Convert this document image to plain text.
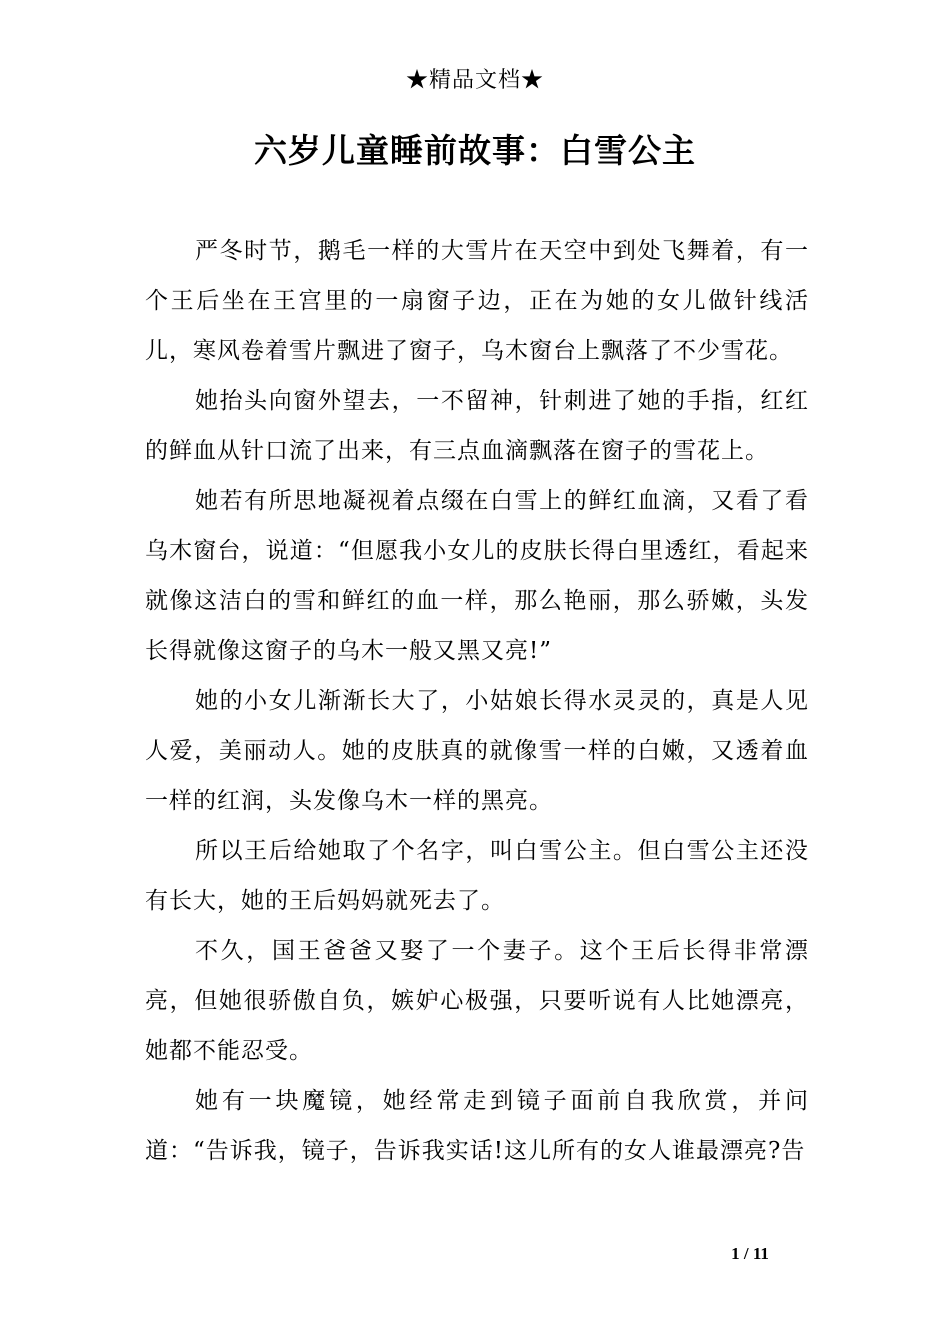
★精品文档★
六岁儿童睡前故事：白雪公主

严冬时节，鹅毛一样的大雪片在天空中到处飞舞着，有一个王后坐在王宫里的一扇窗子边，正在为她的女儿做针线活儿，寒风卷着雪片飘进了窗子，乌木窗台上飘落了不少雪花。

她抬头向窗外望去，一不留神，针刺进了她的手指，红红的鲜血从针口流了出来，有三点血滴飘落在窗子的雪花上。

她若有所思地凝视着点缀在白雪上的鲜红血滴，又看了看乌木窗台，说道：“但愿我小女儿的皮肤长得白里透红，看起来就像这洁白的雪和鲜红的血一样，那么艳丽，那么骄嫩，头发长得就像这窗子的乌木一般又黑又亮!”

她的小女儿渐渐长大了，小姑娘长得水灵灵的，真是人见人爱，美丽动人。她的皮肤真的就像雪一样的白嫩，又透着血一样的红润，头发像乌木一样的黑亮。

所以王后给她取了个名字，叫白雪公主。但白雪公主还没有长大，她的王后妈妈就死去了。

不久，国王爸爸又娶了一个妻子。这个王后长得非常漂亮，但她很骄傲自负，嫉妒心极强，只要听说有人比她漂亮，她都不能忍受。

她有一块魔镜，她经常走到镜子面前自我欣赏，并问道：“告诉我，镜子，告诉我实话!这儿所有的女人谁最漂亮?告

1 / 11
